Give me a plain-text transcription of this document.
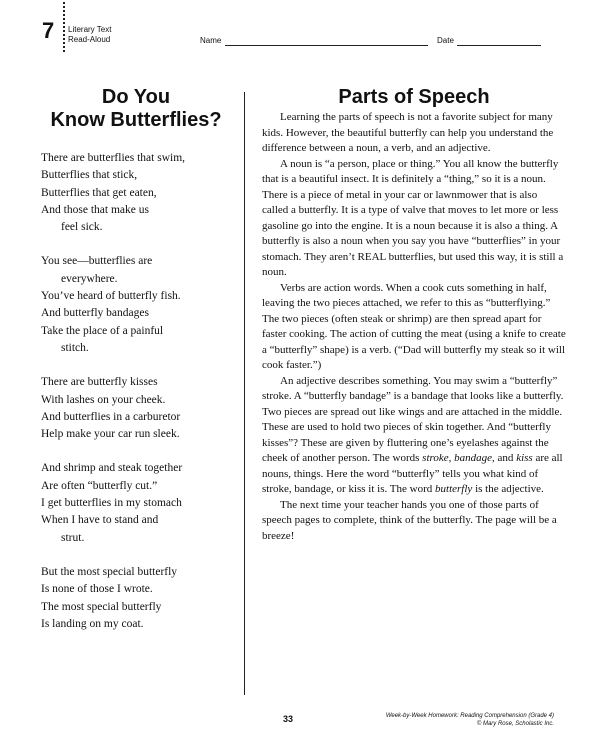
7 Literary Text
Read-Aloud	Name	Date
Do You
Know Butterflies?
There are butterflies that swim,
Butterflies that stick,
Butterflies that get eaten,
And those that make us
feel sick.
You see—butterflies are
everywhere.
You’ve heard of butterfly fish.
And butterfly bandages
Take the place of a painful
stitch.
There are butterfly kisses
With lashes on your cheek.
And butterflies in a carburetor
Help make your car run sleek.
And shrimp and steak together
Are often “butterfly cut.”
I get butterflies in my stomach
When I have to stand and
strut.
But the most special butterfly
Is none of those I wrote.
The most special butterfly
Is landing on my coat.
Parts of Speech

Learning the parts of speech is not a favorite subject for many kids. However, the beautiful butterfly can help you understand the difference between a noun, a verb, and an adjective.

A noun is “a person, place or thing.” You all know the butterfly that is a beautiful insect. It is definitely a “thing,” so it is a noun. There is a piece of metal in your car or lawnmower that is also called a butterfly. It is a type of valve that moves to let more or less gasoline go into the engine. It is a noun because it is also a thing. A butterfly is also a noun when you say you have “butterflies” in your stomach. They aren’t REAL butterflies, but used this way, it is still a noun.

Verbs are action words. When a cook cuts something in half, leaving the two pieces attached, we refer to this as “butterflying.” The two pieces (often steak or shrimp) are then spread apart for faster cooking. The action of cutting the meat (using a knife to create a “butterfly” shape) is a verb. (“Dad will butterfly my steak so it will cook faster.”)

An adjective describes something. You may swim a “butterfly” stroke. A “butterfly bandage” is a bandage that looks like a butterfly. Two pieces are spread out like wings and are attached in the middle. These are used to hold two pieces of skin together. And “butterfly kisses”? These are given by fluttering one’s eyelashes against the cheek of another person. The words stroke, bandage, and kiss are all nouns, things. Here the word “butterfly” tells you what kind of stroke, bandage, or kiss it is. The word butterfly is the adjective.

The next time your teacher hands you one of those parts of speech pages to complete, think of the butterfly. The page will be a breeze!

33	Week-by-Week Homework: Reading Comprehension (Grade 4)
© Mary Rose, Scholastic Inc.
